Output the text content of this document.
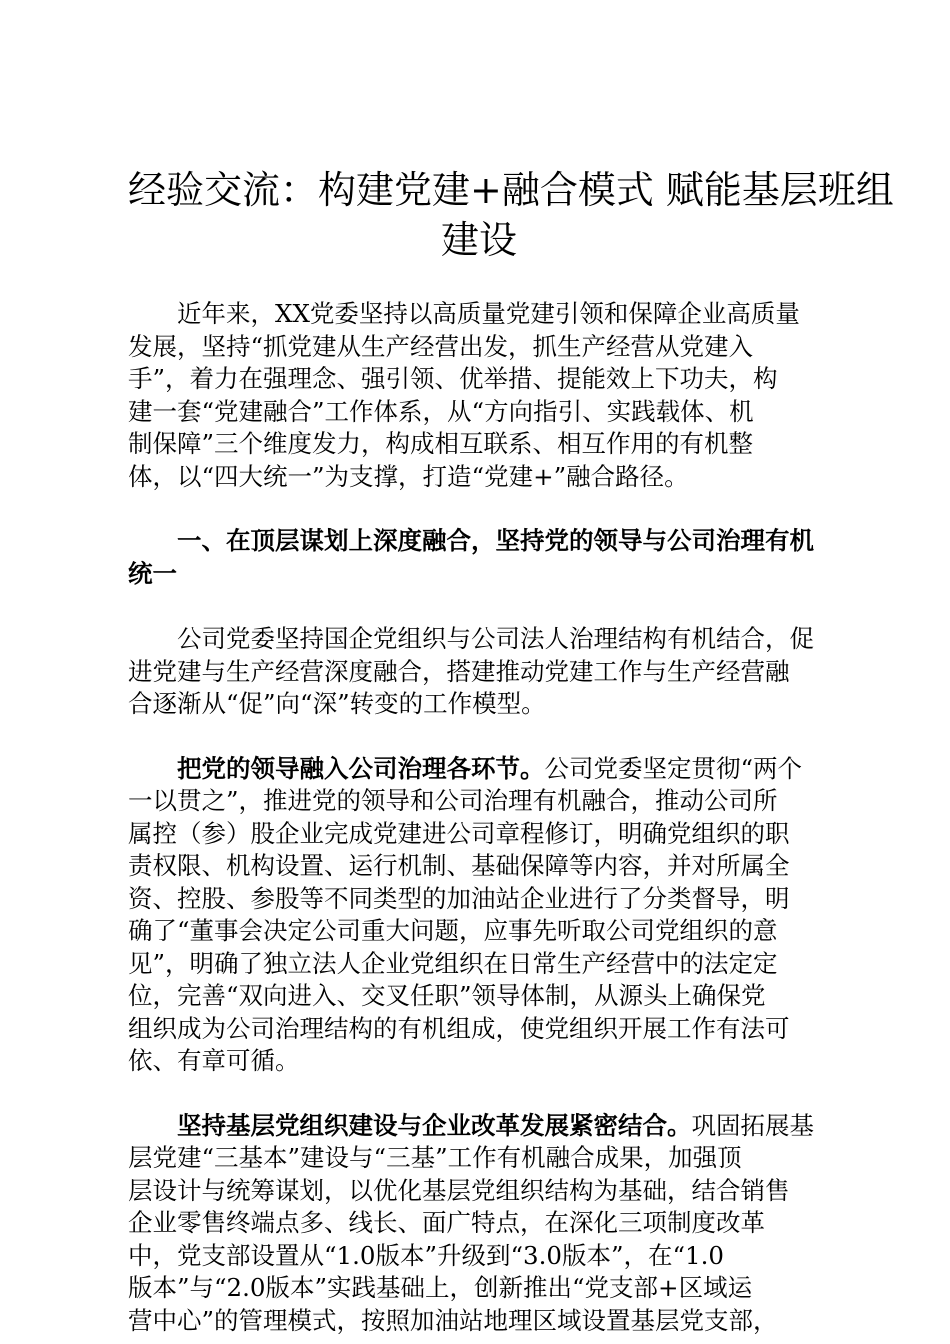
经验交流：构建党建+融合模式 赋能基层班组
建设

近年来，XX党委坚持以高质量党建引领和保障企业高质量
发展，坚持“抓党建从生产经营出发，抓生产经营从党建入
手”，着力在强理念、强引领、优举措、提能效上下功夫，构
建一套“党建融合”工作体系，从“方向指引、实践载体、机
制保障”三个维度发力，构成相互联系、相互作用的有机整
体，以“四大统一”为支撑，打造“党建+”融合路径。

一、在顶层谋划上深度融合，坚持党的领导与公司治理有机
统一

公司党委坚持国企党组织与公司法人治理结构有机结合，促
进党建与生产经营深度融合，搭建推动党建工作与生产经营融
合逐渐从“促”向“深”转变的工作模型。

把党的领导融入公司治理各环节。公司党委坚定贯彻“两个
一以贯之”，推进党的领导和公司治理有机融合，推动公司所
属控（参）股企业完成党建进公司章程修订，明确党组织的职
责权限、机构设置、运行机制、基础保障等内容，并对所属全
资、控股、参股等不同类型的加油站企业进行了分类督导，明
确了“董事会决定公司重大问题，应事先听取公司党组织的意
见”，明确了独立法人企业党组织在日常生产经营中的法定定
位，完善“双向进入、交叉任职”领导体制，从源头上确保党
组织成为公司治理结构的有机组成，使党组织开展工作有法可
依、有章可循。

坚持基层党组织建设与企业改革发展紧密结合。巩固拓展基
层党建“三基本”建设与“三基”工作有机融合成果，加强顶
层设计与统筹谋划，以优化基层党组织结构为基础，结合销售
企业零售终端点多、线长、面广特点，在深化三项制度改革
中，党支部设置从“1.0版本”升级到“3.0版本”，在“1.0
版本”与“2.0版本”实践基础上，创新推出“党支部+区域运
营中心”的管理模式，按照加油站地理区域设置基层党支部，
